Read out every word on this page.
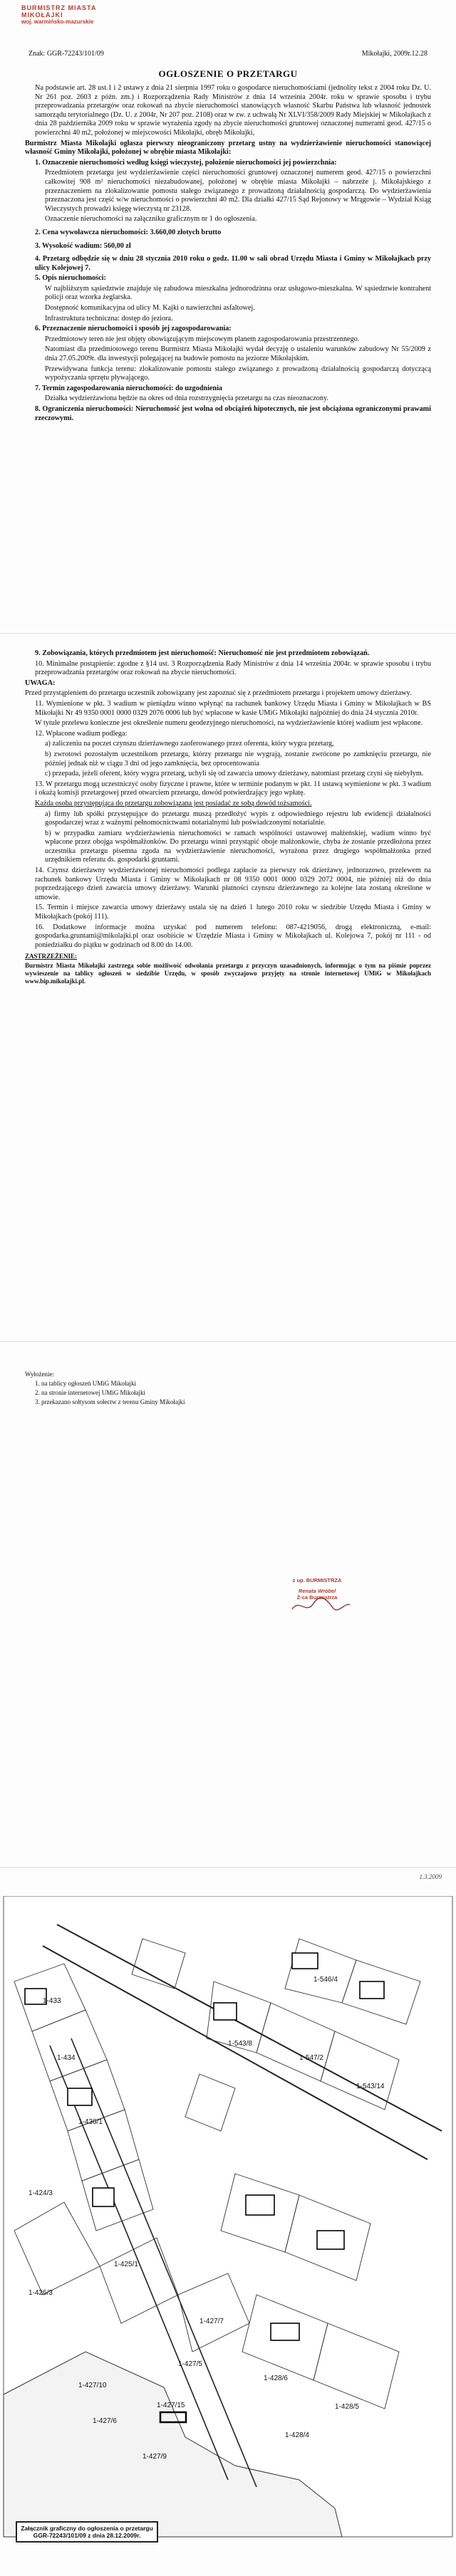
BURMISTRZ MIASTA MIKOŁAJKI
woj. warmińsko-mazurskie
Znak: GGR-72243/101/09	Mikołajki, 2009r.12.28
OGŁOSZENIE O PRZETARGU

Na podstawie art. 28 ust.1 i 2 ustawy z dnia 21 sierpnia 1997 roku o gospodarce nieruchomościami (jednolity tekst z 2004 roku Dz. U. Nr 261 poz. 2603 z późn. zm.) i Rozporządzenia Rady Ministrów z dnia 14 września 2004r. roku w sprawie sposobu i trybu przeprowadzania przetargów oraz rokowań na zbycie nieruchomości stanowiących własność Skarbu Państwa lub własność jednostek samorządu terytorialnego (Dz. U. z 2004r, Nr 207 poz. 2108) oraz w zw. z uchwałą Nr XLVI/358/2009 Rady Miejskiej w Mikołajkach z dnia 28 października 2009 roku w sprawie wyrażenia zgody na zbycie nieruchomości gruntowej oznaczonej numerami geod. 427/15 o powierzchni 40 m2, położonej w miejscowości Mikołajki, obręb Mikołajki,

Burmistrz Miasta Mikołajki ogłasza pierwszy nieograniczony przetarg ustny na wydzierżawienie nieruchomości stanowiącej własność Gminy Mikołajki, położonej w obrębie miasta Mikołajki:

1. Oznaczenie nieruchomości według księgi wieczystej, położenie nieruchomości jej powierzchnia:

Przedmiotem przetargu jest wydzierżawienie części nieruchomości gruntowej oznaczonej numerem geod. 427/15 o powierzchni całkowitej 908 m² nieruchomości niezabudowanej, położonej w obrębie miasta Mikołajki – nabrzeże j. Mikołajskiego z przeznaczeniem na zlokalizowanie pomostu stałego związanego z prowadzoną działalnością gospodarczą. Do wydzierżawienia przeznaczona jest część w/w nieruchomości o powierzchni 40 m2. Dla działki 427/15 Sąd Rejonowy w Mrągowie – Wydział Ksiąg Wieczystych prowadzi księgę wieczystą nr 23128.

Oznaczenie nieruchomości na załączniku graficznym nr 1 do ogłoszenia.

2. Cena wywoławcza nieruchomości: 3.660,00 złotych brutto

3. Wysokość wadium: 560,00 zł

4. Przetarg odbędzie się w dniu 28 stycznia 2010 roku o godz. 11.00 w sali obrad Urzędu Miasta i Gminy w Mikołajkach przy ulicy Kolejowej 7.

5. Opis nieruchomości:

W najbliższym sąsiedztwie znajduje się zabudowa mieszkalna jednorodzinna oraz usługowo-mieszkalna. W sąsiedztwie kontrahent policji oraz wzorka żeglarska.

Dostępność komunikacyjna od ulicy M. Kajki o nawierzchni asfaltowej.

Infrastruktura techniczna: dostęp do jeziora.

6. Przeznaczenie nieruchomości i sposób jej zagospodarowania:

Przedmiotowy teren nie jest objęty obowiązującym miejscowym planem zagospodarowania przestrzennego.

Natomiast dla przedmiotowego terenu Burmistrz Miasta Mikołajki wydał decyzję o ustaleniu warunków zabudowy Nr 55/2009 z dnia 27.05.2009r. dla inwestycji polegającej na budowie pomostu na jeziorze Mikołajskim.

Przewidywana funkcja terenu: zlokalizowanie pomostu stałego związanego z prowadzoną działalnością gospodarczą dotyczącą wypożyczania sprzętu pływającego.

7. Termin zagospodarowania nieruchomości: do uzgodnienia

Działka wydzierżawiona będzie na okres od dnia rozstrzygnięcia przetargu na czas nieoznaczony.

8. Ograniczenia nieruchomości: Nieruchomość jest wolna od obciążeń hipotecznych, nie jest obciążona ograniczonymi prawami rzeczowymi.

9. Zobowiązania, których przedmiotem jest nieruchomość: Nieruchomość nie jest przedmiotem zobowiązań.

10. Minimalne postąpienie: zgodne z §14 ust. 3 Rozporządzenia Rady Ministrów z dnia 14 września 2004r. w sprawie sposobu i trybu przeprowadzania przetargów oraz rokowań na zbycie nieruchomości.

UWAGA:

Przed przystąpieniem do przetargu uczestnik zobowiązany jest zapoznać się z przedmiotem przetargu i projektem umowy dzierżawy.

11. Wymienione w pkt. 3 wadium w pieniądzu winno wpłynąć na rachunek bankowy Urzędu Miasta i Gminy w Mikołajkach w BS Mikołajki Nr 49 9350 0001 0000 0329 2076 0006 lub być wpłacone w kasie UMiG Mikołajki najpóźniej do dnia 24 stycznia 2010r.

W tytule przelewu konieczne jest określenie numeru geodezyjnego nieruchomości, na wydzierżawienie której wadium jest wpłacone.

12. Wpłacone wadium podlega:

a) zaliczeniu na poczet czynszu dzierżawnego zaoferowanego przez oferenta, który wygra przetarg,

b) zwrotowi pozostałym uczestnikom przetargu, którzy przetargu nie wygrają, zostanie zwrócone po zamknięciu przetargu, nie później jednak niż w ciągu 3 dni od jego zamknięcia, bez oprocentowania

c) przepada, jeżeli oferent, który wygra przetarg, uchyli się od zawarcia umowy dzierżawy, natomiast przetarg czyni się niebyłym.

13. W przetargu mogą uczestniczyć osoby fizyczne i prawne, które w terminie podanym w pkt. 11 ustawą wymienione w pkt. 3 wadium i okażą komisji przetargowej przed otwarciem przetargu, dowód potwierdzający jego wpłatę.

Każda osoba przystępująca do przetargu zobowiązana jest posiadać ze sobą dowód tożsamości.

a) firmy lub spółki przystępujące do przetargu muszą przedłożyć wypis z odpowiedniego rejestru lub ewidencji działalności gospodarczej wraz z ważnymi pełnomocnictwami notarialnymi lub poświadczonymi notarialnie.

b) w przypadku zamiaru wydzierżawienia nieruchomości w ramach wspólności ustawowej małżeńskiej, wadium winno być wpłacone przez obojga współmałżonków. Do przetargu winni przystąpić oboje małżonkowie, chyba że zostanie przedłożona przez uczestnika przetargu pisemna zgoda na wydzierżawienie nieruchomości, wyrażona przez drugiego współmałżonka przed urzędnikiem referatu ds. gospodarki gruntami.

14. Czynsz dzierżawny wydzierżawionej nieruchomości podlega zapłacie za pierwszy rok dzierżawy, jednorazowo, przelewem na rachunek bankowy Urzędu Miasta i Gminy w Mikołajkach nr 08 9350 0001 0000 0329 2072 0004, nie później niż do dnia poprzedzającego dzień zawarcia umowy dzierżawy. Warunki płatności czynszu dzierżawnego za kolejne lata zostaną określone w umowie.

15. Termin i miejsce zawarcia umowy dzierżawy ustala się na dzień 1 lutego 2010 roku w siedzibie Urzędu Miasta i Gminy w Mikołajkach (pokój 111).

16. Dodatkowe informacje można uzyskać pod numerem telefonu: 087-4219056, drogą elektroniczną, e-mail: gospodarka.gruntami@mikolajki.pl oraz osobiście w Urzędzie Miasta i Gminy w Mikołajkach ul. Kolejowa 7, pokój nr 111 - od poniedziałku do piątku w godzinach od 8.00 do 14.00.

ZASTRZEŻENIE:

Burmistrz Miasta Mikołajki zastrzega sobie możliwość odwołania przetargu z przyczyn uzasadnionych, informując o tym na piśmie poprzez wywieszenie na tablicy ogłoszeń w siedzibie Urzędu, w sposób zwyczajowo przyjęty na stronie internetowej UMiG w Mikołajkach www.bip.mikolajki.pl.

Wyłożenie:

1. na tablicy ogłoszeń UMiG Mikołajki

2. na stronie internetowej UMiG Mikołajki

3. przekazano sołtysom sołectw z terenu Gminy Mikołajki

z up. BURMISTRZA
Renata Wróbel
Z-ca Burmistrza
1.3.2009
1-427/10
1-427/6
1-427/15
1-427/5
1-427/7
1-427/9
1-426/3
1-425/1
1-424/3
1-433
1-434
1-436/1
1-543/8
1-547/2
1-543/14
1-546/4
1-428/6
1-428/5
1-428/4
Załącznik graficzny do ogłoszenia o przetargu
GGR-72243/101/09 z dnia 28.12.2009r.
